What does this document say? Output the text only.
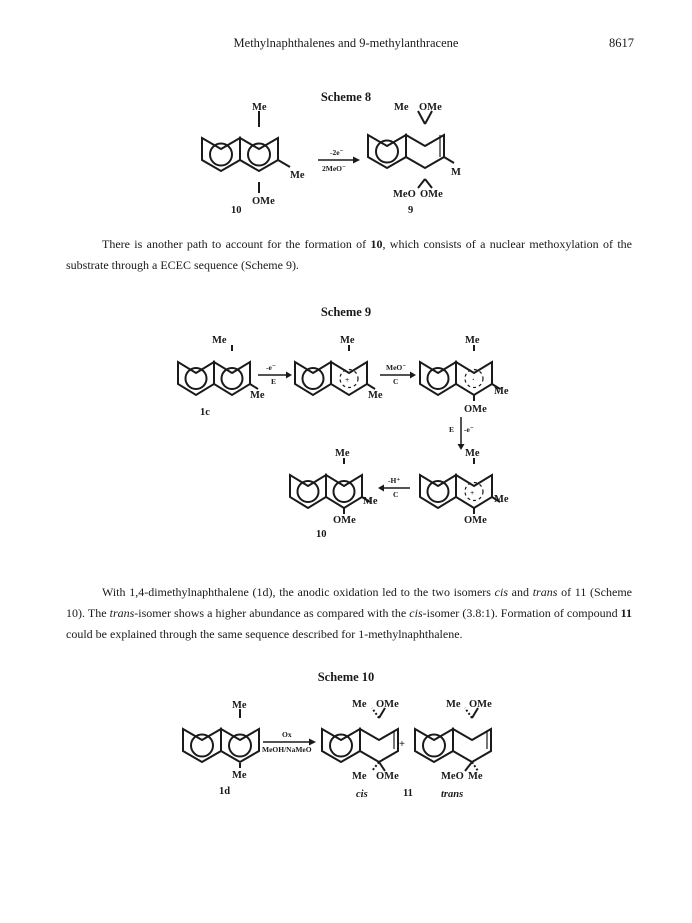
Methylnaphthalenes and 9-methylanthracene	8617
Scheme 8
Scheme 9
Scheme 10
There is another path to account for the formation of 10, which consists of a nuclear methoxylation of the substrate through a ECEC sequence (Scheme 9).
With 1,4-dimethylnaphthalene (1d), the anodic oxidation led to the two isomers cis and trans of 11 (Scheme 10). The trans-isomer shows a higher abundance as compared with the cis-isomer (3.8:1). Formation of compound 11 could be explained through the same sequence described for 1-methylnaphthalene.
Me
Me
OMe
10
-2e⁻
2MeO⁻
Me OMe
M
MeO OMe
9
Me
Me
1c
-e⁻
E	+
Me
Me
MeO⁻
C	·
Me
Me
OMe
E -e⁻
+
Me
Me
OMe
-H⁺
C
Me
Me
OMe
10
Me
Me
1d
Ox
MeOH/NaMeO
Me OMe
Me OMe
cis
+
11
Me OMe
MeO Me
trans
